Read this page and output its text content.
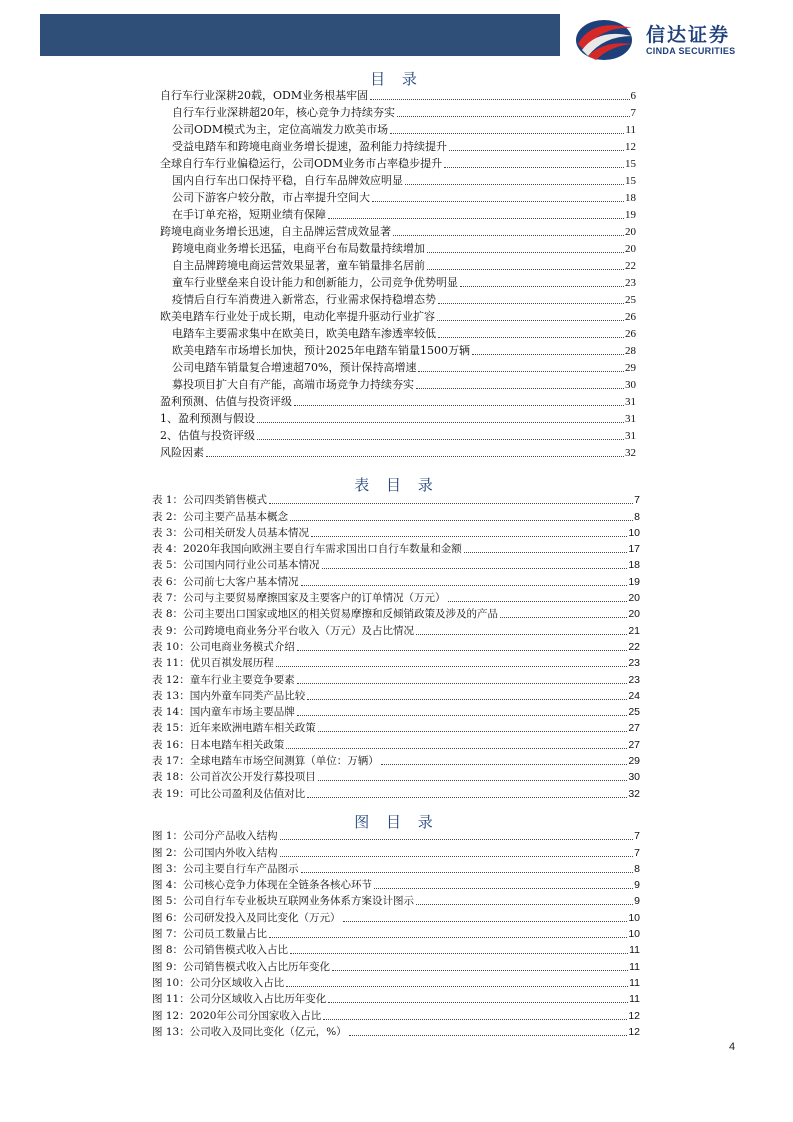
信达证券
CINDA SECURITIES
目 录
自行车行业深耕20载，ODM业务根基牢固	6
自行车行业深耕超20年，核心竞争力持续夯实	7
公司ODM模式为主，定位高端发力欧美市场	11
受益电踏车和跨境电商业务增长提速，盈利能力持续提升	12
全球自行车行业偏稳运行，公司ODM业务市占率稳步提升	15
国内自行车出口保持平稳，自行车品牌效应明显	15
公司下游客户较分散，市占率提升空间大	18
在手订单充裕，短期业绩有保障	19
跨境电商业务增长迅速，自主品牌运营成效显著	20
跨境电商业务增长迅猛，电商平台布局数量持续增加	20
自主品牌跨境电商运营效果显著，童车销量排名居前	22
童车行业壁垒来自设计能力和创新能力，公司竞争优势明显	23
疫情后自行车消费进入新常态，行业需求保持稳增态势	25
欧美电踏车行业处于成长期，电动化率提升驱动行业扩容	26
电踏车主要需求集中在欧美日，欧美电踏车渗透率较低	26
欧美电踏车市场增长加快，预计2025年电踏车销量1500万辆	28
公司电踏车销量复合增速超70%，预计保持高增速	29
募投项目扩大自有产能，高端市场竞争力持续夯实	30
盈利预测、估值与投资评级	31
1、盈利预测与假设	31
2、估值与投资评级	31
风险因素	32
表 目 录
表 1：公司四类销售模式	7
表 2：公司主要产品基本概念	8
表 3：公司相关研发人员基本情况	10
表 4：2020年我国向欧洲主要自行车需求国出口自行车数量和金额	17
表 5：公司国内同行业公司基本情况	18
表 6：公司前七大客户基本情况	19
表 7：公司与主要贸易摩擦国家及主要客户的订单情况（万元）	20
表 8：公司主要出口国家或地区的相关贸易摩擦和反倾销政策及涉及的产品	20
表 9：公司跨境电商业务分平台收入（万元）及占比情况	21
表 10：公司电商业务模式介绍	22
表 11：优贝百祺发展历程	23
表 12：童车行业主要竞争要素	23
表 13：国内外童车同类产品比较	24
表 14：国内童车市场主要品牌	25
表 15：近年来欧洲电踏车相关政策	27
表 16：日本电踏车相关政策	27
表 17：全球电踏车市场空间测算（单位：万辆）	29
表 18：公司首次公开发行募投项目	30
表 19：可比公司盈利及估值对比	32
图 目 录
图 1：公司分产品收入结构	7
图 2：公司国内外收入结构	7
图 3：公司主要自行车产品图示	8
图 4：公司核心竞争力体现在全链条各核心环节	9
图 5：公司自行车专业板块互联网业务体系方案设计图示	9
图 6：公司研发投入及同比变化（万元）	10
图 7：公司员工数量占比	10
图 8：公司销售模式收入占比	11
图 9：公司销售模式收入占比历年变化	11
图 10：公司分区域收入占比	11
图 11：公司分区域收入占比历年变化	11
图 12：2020年公司分国家收入占比	12
图 13：公司收入及同比变化（亿元，%）	12
4
